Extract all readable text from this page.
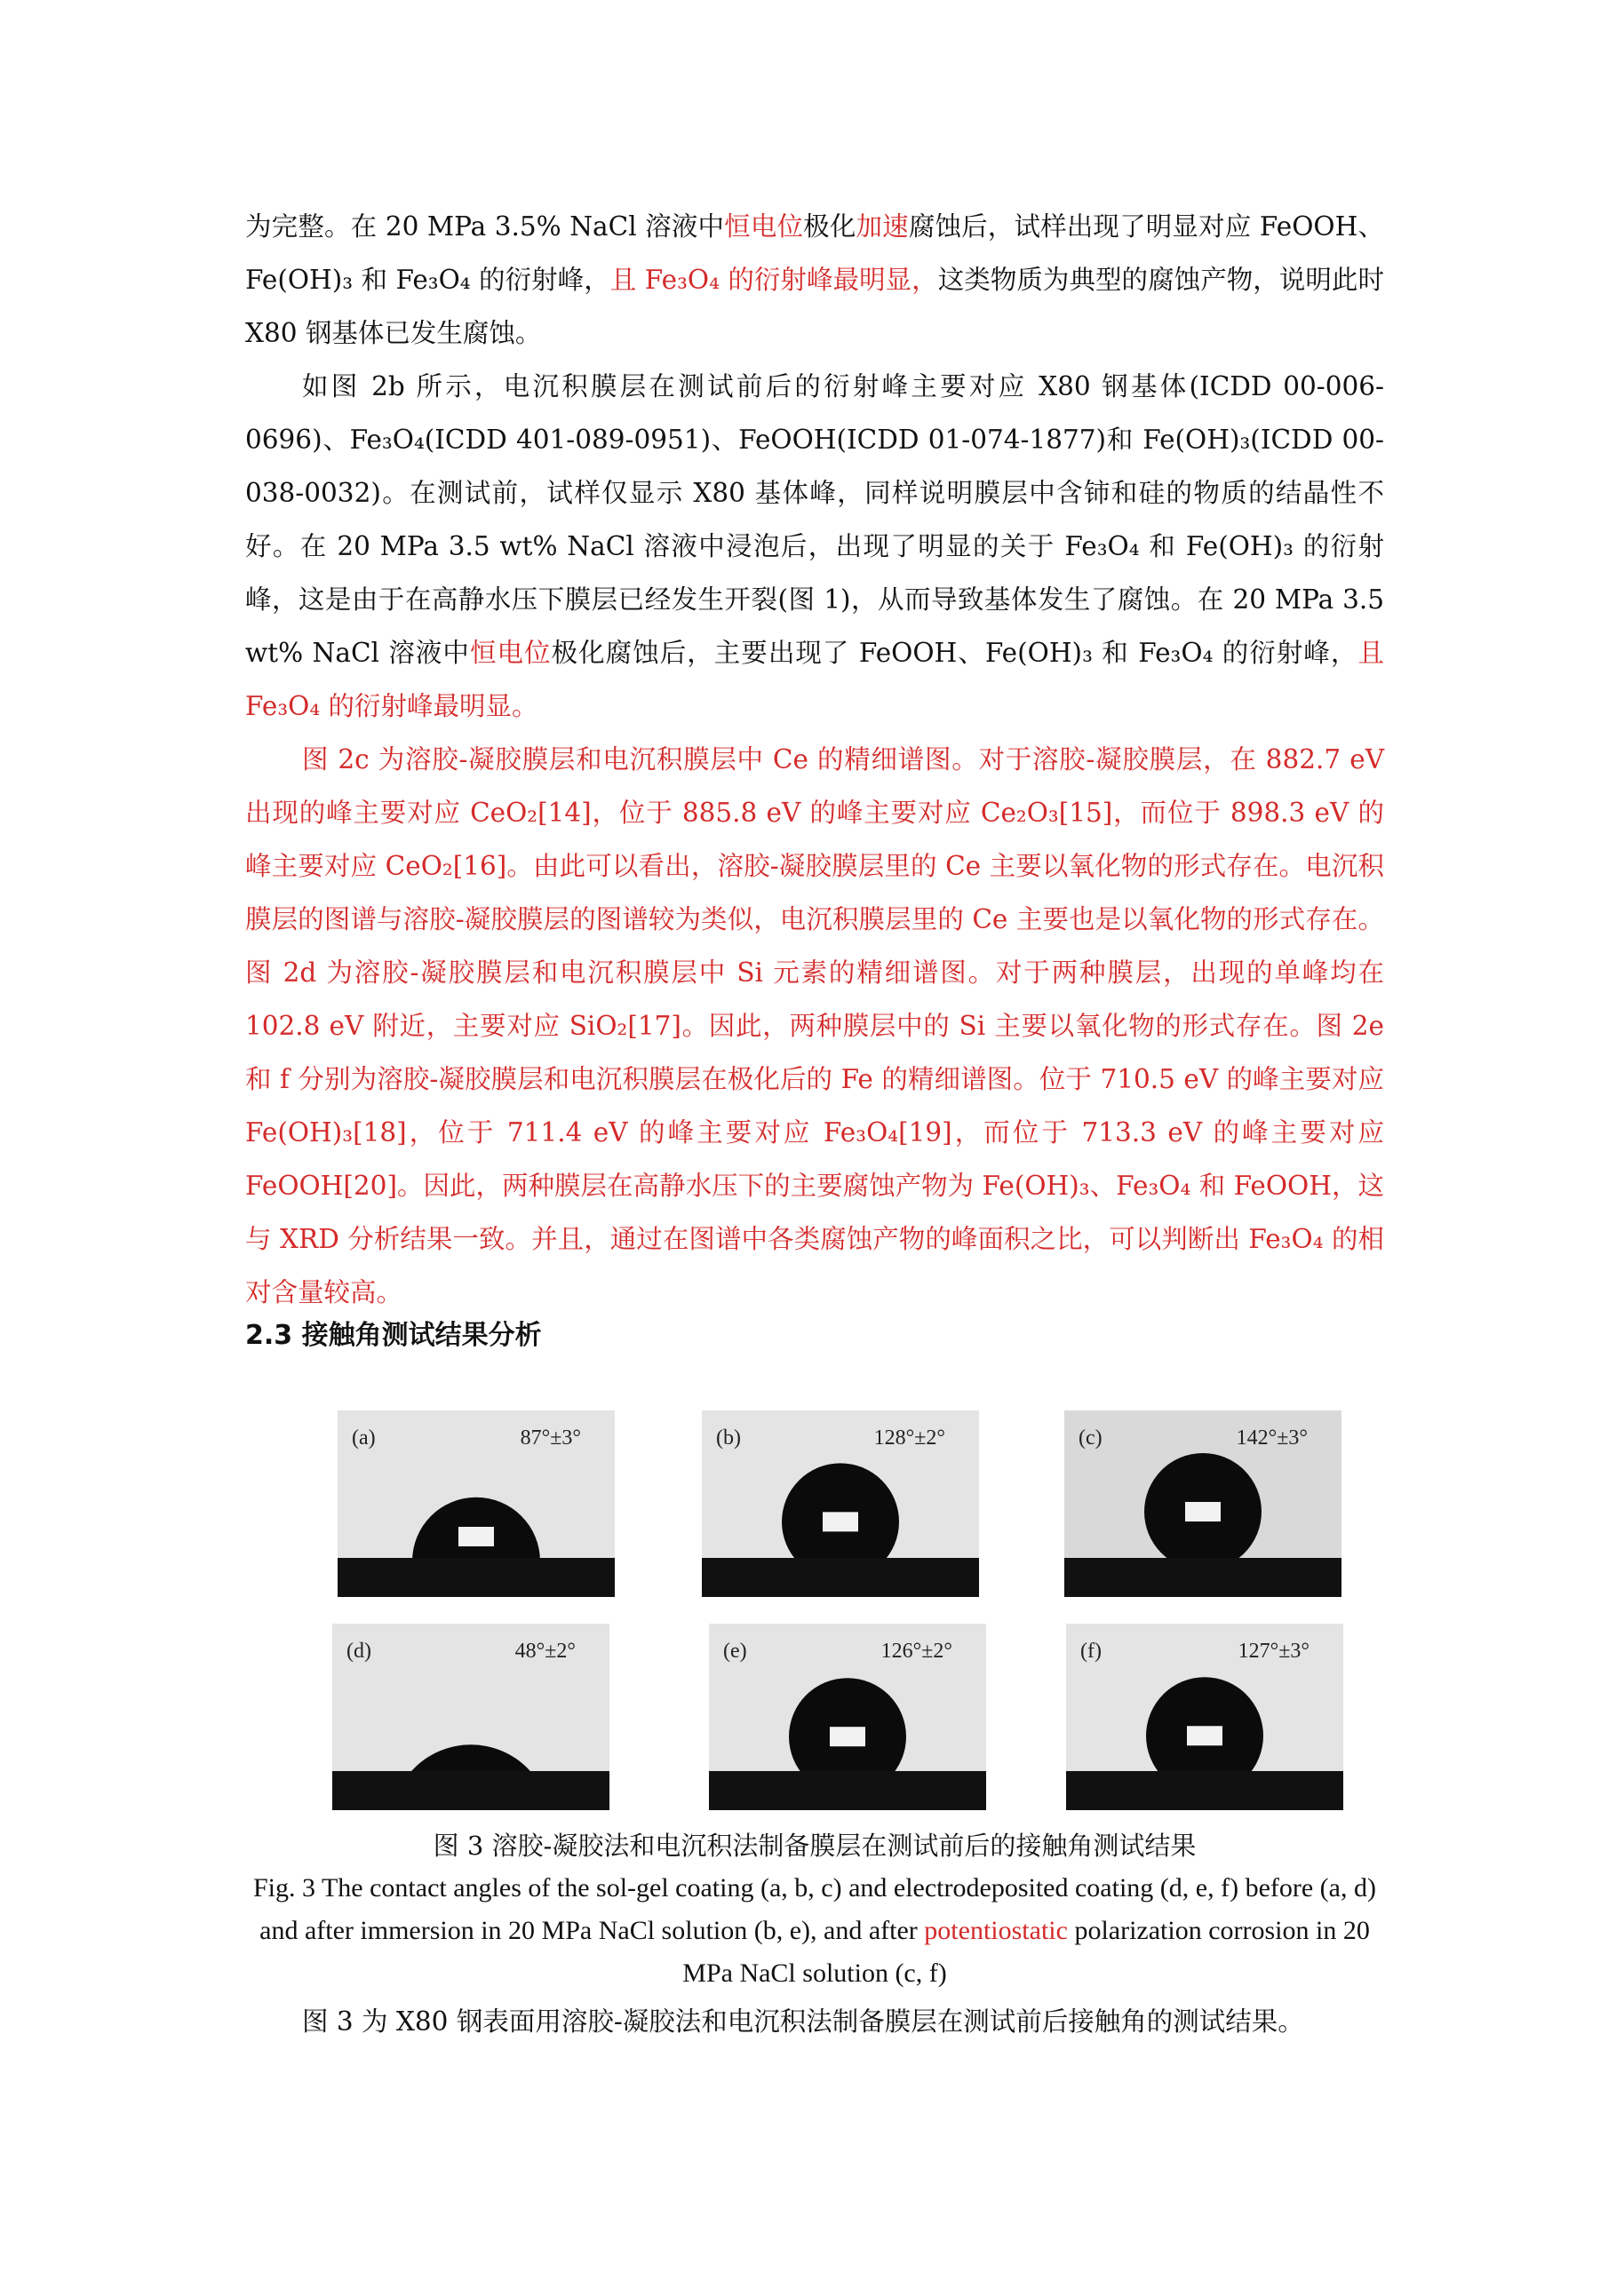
为完整。在 20 MPa 3.5% NaCl 溶液中恒电位极化加速腐蚀后，试样出现了明显对应 FeOOH、Fe(OH)₃ 和 Fe₃O₄ 的衍射峰，且 Fe₃O₄ 的衍射峰最明显，这类物质为典型的腐蚀产物，说明此时 X80 钢基体已发生腐蚀。
如图 2b 所示，电沉积膜层在测试前后的衍射峰主要对应 X80 钢基体(ICDD 00-006-0696)、Fe₃O₄(ICDD 401-089-0951)、FeOOH(ICDD 01-074-1877)和 Fe(OH)₃(ICDD 00-038-0032)。在测试前，试样仅显示 X80 基体峰，同样说明膜层中含铈和硅的物质的结晶性不好。在 20 MPa 3.5 wt% NaCl 溶液中浸泡后，出现了明显的关于 Fe₃O₄ 和 Fe(OH)₃ 的衍射峰，这是由于在高静水压下膜层已经发生开裂(图 1)，从而导致基体发生了腐蚀。在 20 MPa 3.5 wt% NaCl 溶液中恒电位极化腐蚀后，主要出现了 FeOOH、Fe(OH)₃ 和 Fe₃O₄ 的衍射峰，且 Fe₃O₄ 的衍射峰最明显。
图 2c 为溶胶-凝胶膜层和电沉积膜层中 Ce 的精细谱图。对于溶胶-凝胶膜层，在 882.7 eV 出现的峰主要对应 CeO₂[14]，位于 885.8 eV 的峰主要对应 Ce₂O₃[15]，而位于 898.3 eV 的峰主要对应 CeO₂[16]。由此可以看出，溶胶-凝胶膜层里的 Ce 主要以氧化物的形式存在。电沉积膜层的图谱与溶胶-凝胶膜层的图谱较为类似，电沉积膜层里的 Ce 主要也是以氧化物的形式存在。图 2d 为溶胶-凝胶膜层和电沉积膜层中 Si 元素的精细谱图。对于两种膜层，出现的单峰均在 102.8 eV 附近，主要对应 SiO₂[17]。因此，两种膜层中的 Si 主要以氧化物的形式存在。图 2e 和 f 分别为溶胶-凝胶膜层和电沉积膜层在极化后的 Fe 的精细谱图。位于 710.5 eV 的峰主要对应 Fe(OH)₃[18]，位于 711.4 eV 的峰主要对应 Fe₃O₄[19]，而位于 713.3 eV 的峰主要对应 FeOOH[20]。因此，两种膜层在高静水压下的主要腐蚀产物为 Fe(OH)₃、Fe₃O₄ 和 FeOOH，这与 XRD 分析结果一致。并且，通过在图谱中各类腐蚀产物的峰面积之比，可以判断出 Fe₃O₄ 的相对含量较高。
2.3 接触角测试结果分析
(a)	87°±3°	(b)	128°±2°	(c)	142°±3°
(d)	48°±2°	(e)	126°±2°	(f)	127°±3°
图 3 溶胶-凝胶法和电沉积法制备膜层在测试前后的接触角测试结果
Fig. 3 The contact angles of the sol-gel coating (a, b, c) and electrodeposited coating (d, e, f) before (a, d) and after immersion in 20 MPa NaCl solution (b, e), and after potentiostatic polarization corrosion in 20 MPa NaCl solution (c, f)
图 3 为 X80 钢表面用溶胶-凝胶法和电沉积法制备膜层在测试前后接触角的测试结果。
